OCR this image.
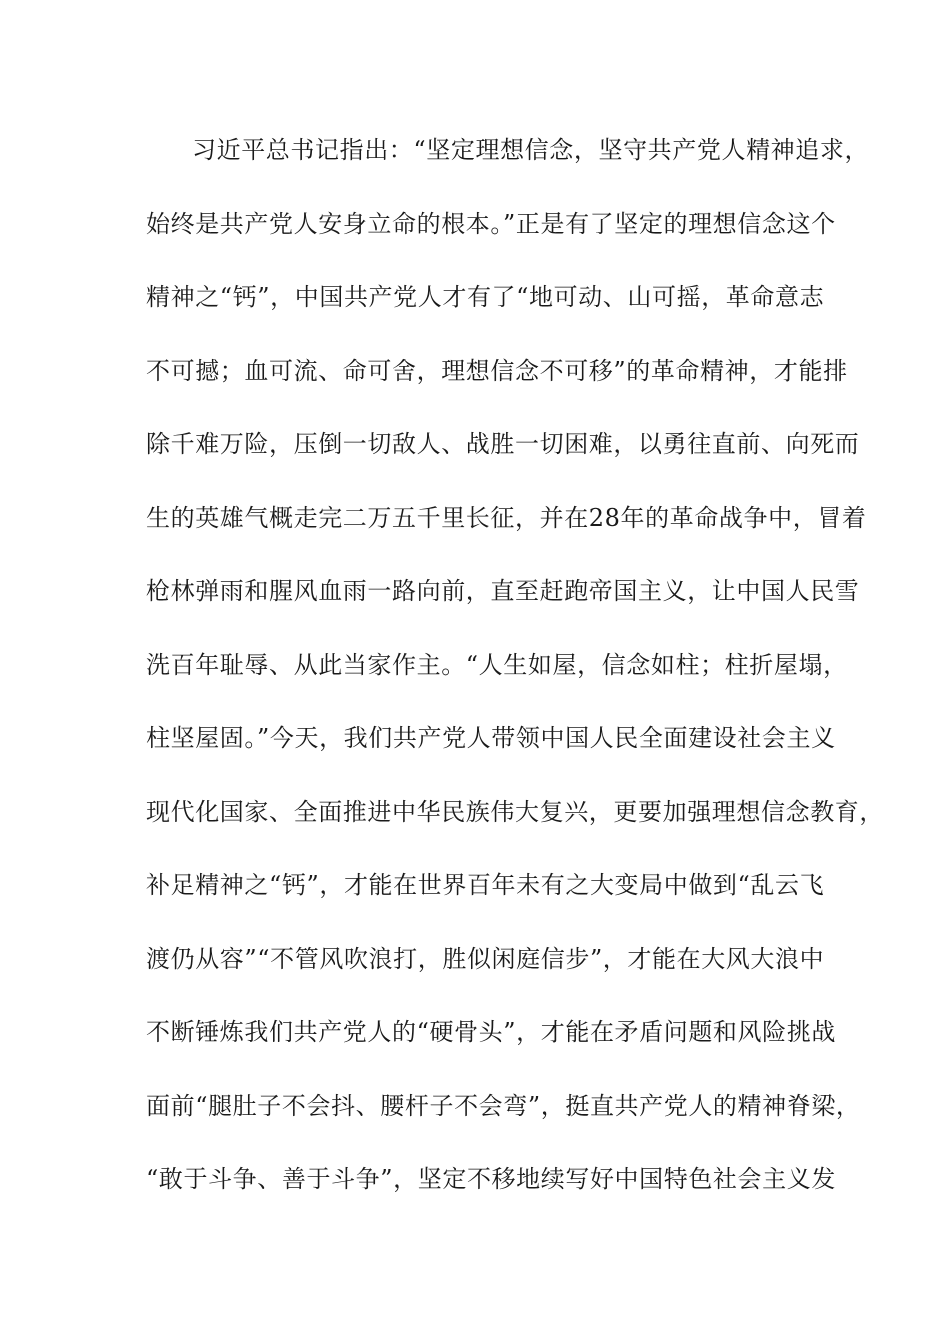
习近平总书记指出：“坚定理想信念，坚守共产党人精神追求，
始终是共产党人安身立命的根本。”正是有了坚定的理想信念这个
精神之“钙”，中国共产党人才有了“地可动、山可摇，革命意志
不可撼；血可流、命可舍，理想信念不可移”的革命精神，才能排
除千难万险，压倒一切敌人、战胜一切困难，以勇往直前、向死而
生的英雄气概走完二万五千里长征，并在28年的革命战争中，冒着
枪林弹雨和腥风血雨一路向前，直至赶跑帝国主义，让中国人民雪
洗百年耻辱、从此当家作主。“人生如屋，信念如柱；柱折屋塌，
柱坚屋固。”今天，我们共产党人带领中国人民全面建设社会主义
现代化国家、全面推进中华民族伟大复兴，更要加强理想信念教育，
补足精神之“钙”，才能在世界百年未有之大变局中做到“乱云飞
渡仍从容”“不管风吹浪打，胜似闲庭信步”，才能在大风大浪中
不断锤炼我们共产党人的“硬骨头”，才能在矛盾问题和风险挑战
面前“腿肚子不会抖、腰杆子不会弯”，挺直共产党人的精神脊梁，
“敢于斗争、善于斗争”，坚定不移地续写好中国特色社会主义发
